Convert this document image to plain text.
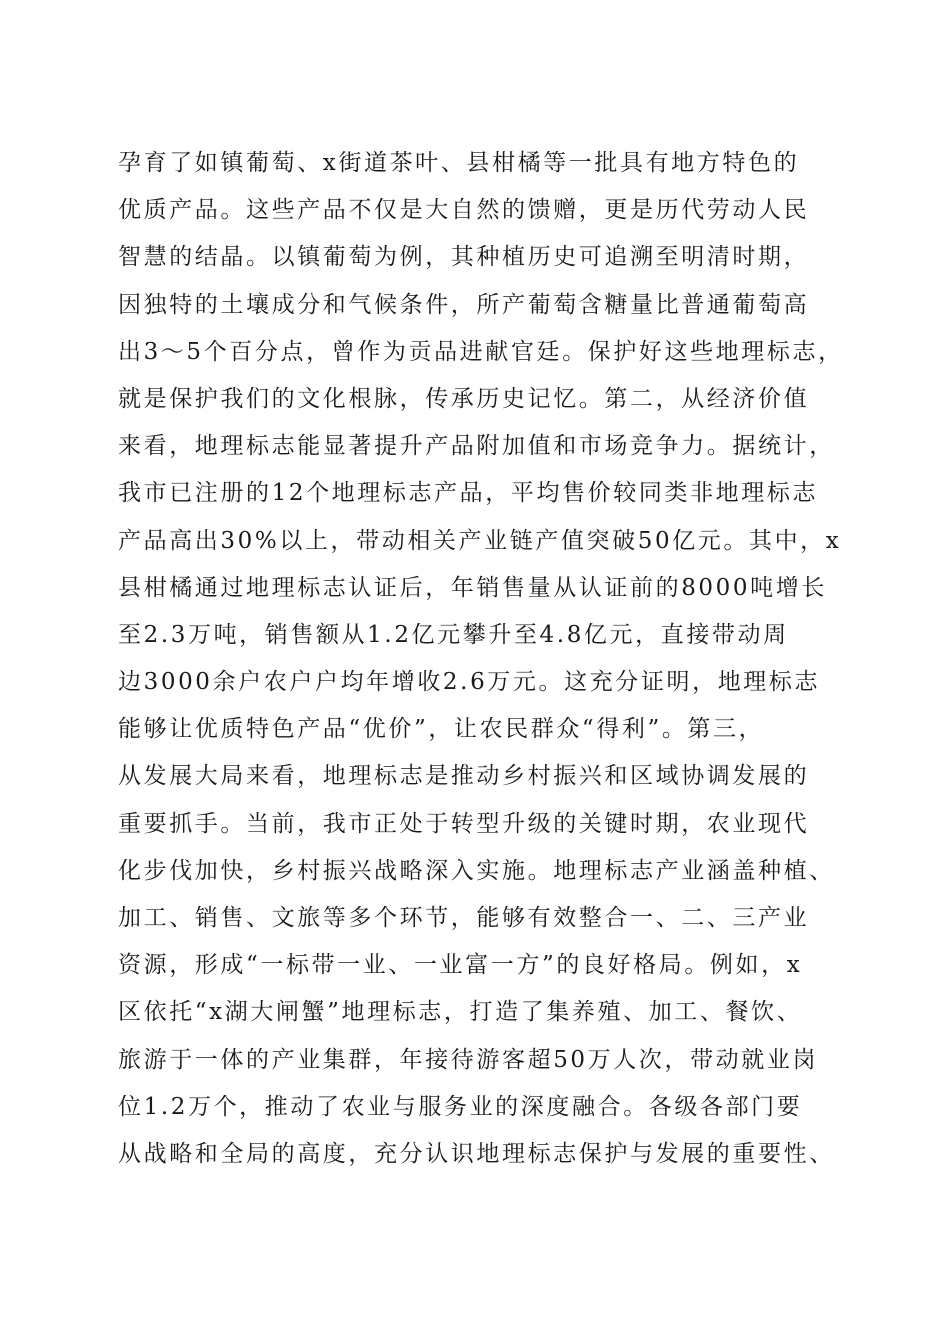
孕育了如镇葡萄、x街道茶叶、县柑橘等一批具有地方特色的
优质产品。这些产品不仅是大自然的馈赠，更是历代劳动人民
智慧的结晶。以镇葡萄为例，其种植历史可追溯至明清时期，
因独特的土壤成分和气候条件，所产葡萄含糖量比普通葡萄高
出3～5个百分点，曾作为贡品进献官廷。保护好这些地理标志，
就是保护我们的文化根脉，传承历史记忆。第二，从经济价值
来看，地理标志能显著提升产品附加值和市场竞争力。据统计，
我市已注册的12个地理标志产品，平均售价较同类非地理标志
产品高出30%以上，带动相关产业链产值突破50亿元。其中，x
县柑橘通过地理标志认证后，年销售量从认证前的8000吨增长
至2.3万吨，销售额从1.2亿元攀升至4.8亿元，直接带动周
边3000余户农户户均年增收2.6万元。这充分证明，地理标志
能够让优质特色产品“优价”，让农民群众“得利”。第三，
从发展大局来看，地理标志是推动乡村振兴和区域协调发展的
重要抓手。当前，我市正处于转型升级的关键时期，农业现代
化步伐加快，乡村振兴战略深入实施。地理标志产业涵盖种植、
加工、销售、文旅等多个环节，能够有效整合一、二、三产业
资源，形成“一标带一业、一业富一方”的良好格局。例如，x
区依托“x湖大闸蟹”地理标志，打造了集养殖、加工、餐饮、
旅游于一体的产业集群，年接待游客超50万人次，带动就业岗
位1.2万个，推动了农业与服务业的深度融合。各级各部门要
从战略和全局的高度，充分认识地理标志保护与发展的重要性、
